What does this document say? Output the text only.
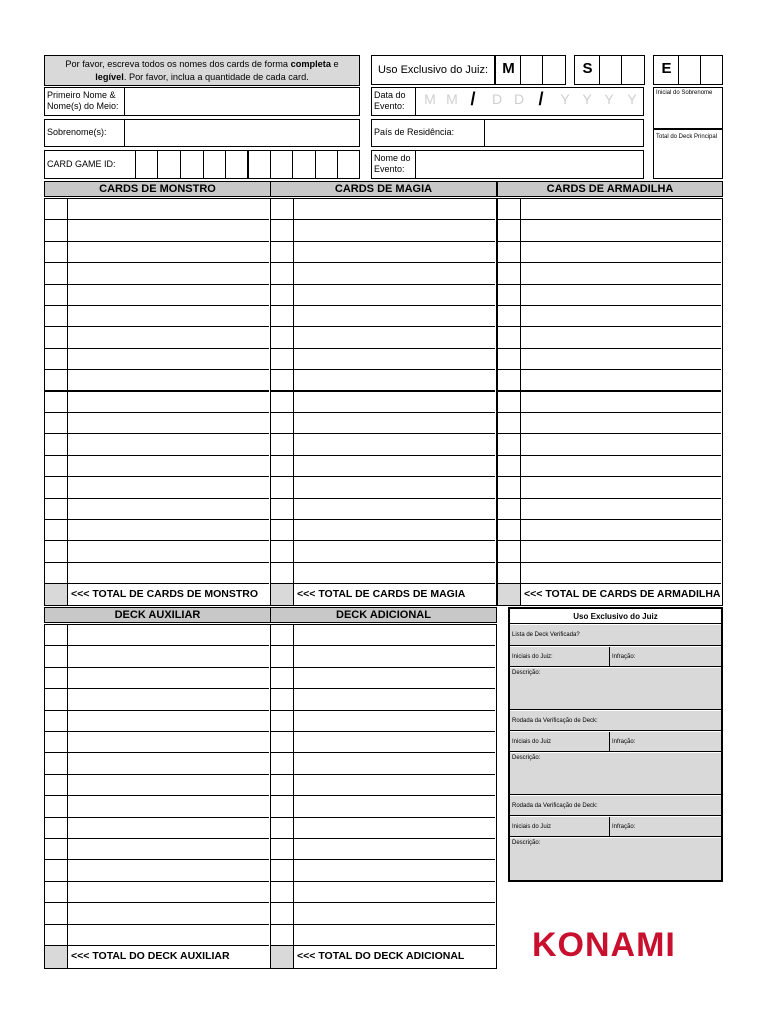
Por favor, escreva todos os nomes dos cards de forma completa e legível. Por favor, inclua a quantidade de cada card.
Primeiro Nome & Nome(s) do Meio:
Sobrenome(s):
CARD GAME ID:
Uso Exclusivo do Juiz: M	S	E
Data do Evento:	M M /	D D /	Y Y Y Y
País de Residência:
Nome do Evento:
Inicial do Sobrenome
Total do Deck Principal
CARDS DE MONSTRO
<<< TOTAL DE CARDS DE MONSTRO
CARDS DE MAGIA
<<< TOTAL DE CARDS DE MAGIA
CARDS DE ARMADILHA
<<< TOTAL DE CARDS DE ARMADILHA
DECK AUXILIAR
<<< TOTAL DO DECK AUXILIAR
DECK ADICIONAL
<<< TOTAL DO DECK ADICIONAL
Uso Exclusivo do Juiz
Lista de Deck Verificada?
Iniciais do Juiz:	Infração:
Descrição:
Rodada da Verificação de Deck:
Iniciais do Juiz	Infração:
Descrição:
Rodada da Verificação de Deck:
Iniciais do Juiz	Infração:
Descrição:
KONAMI
